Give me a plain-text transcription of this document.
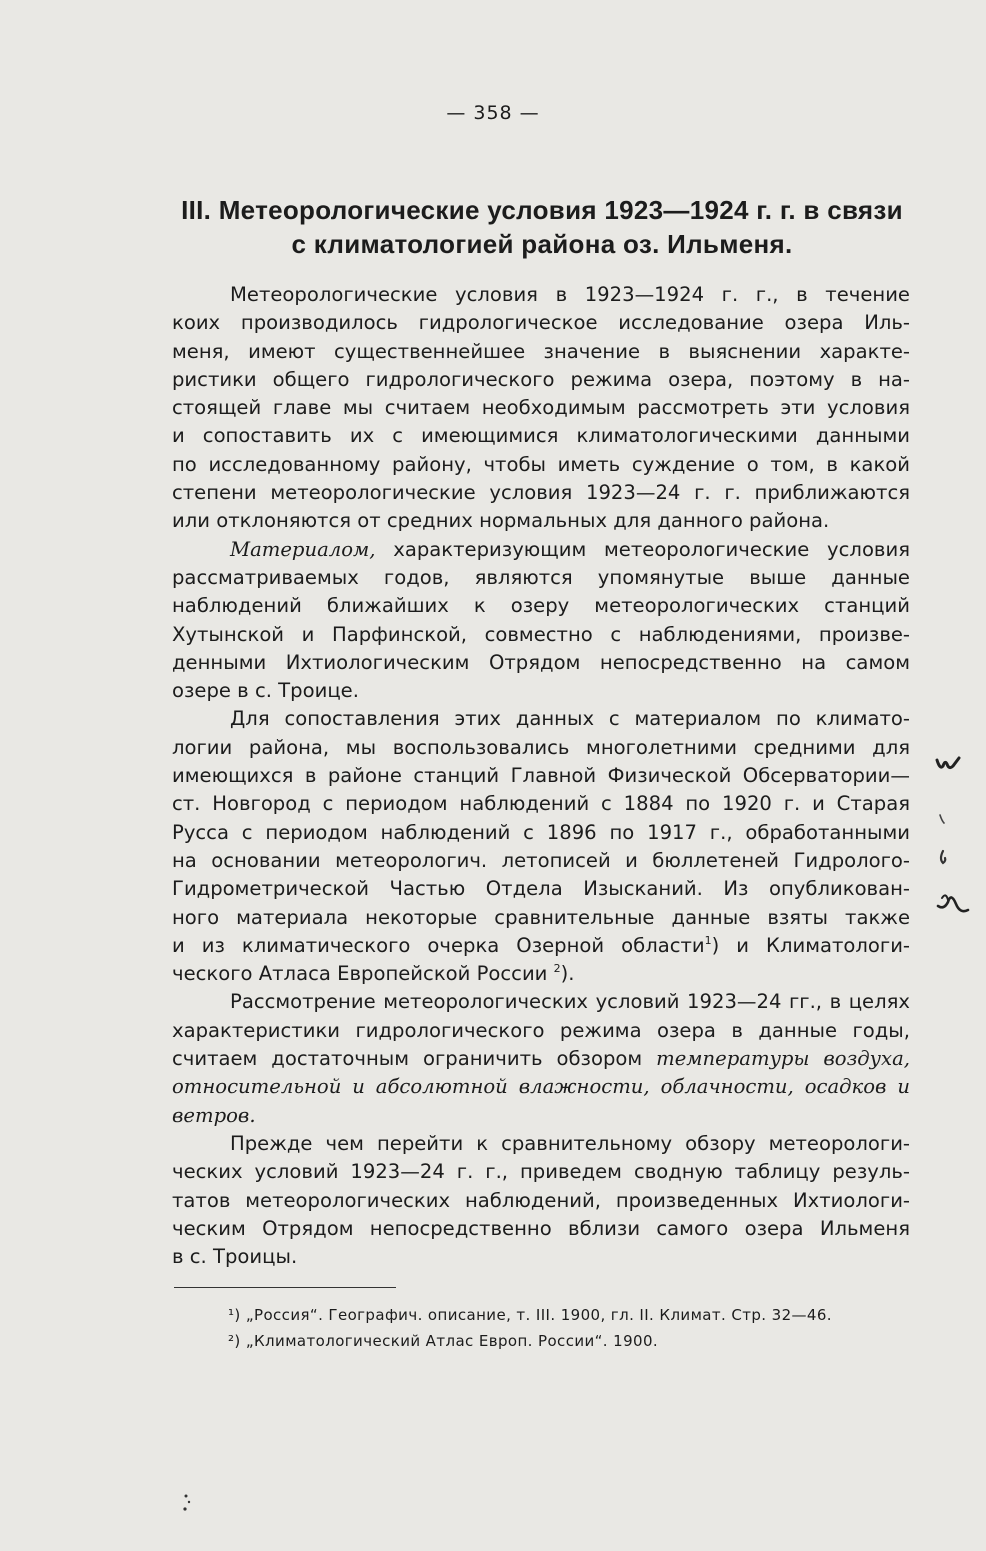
— 358 —
III. Метеорологические условия 1923—1924 г. г. в связи
с климатологией района оз. Ильменя.
Метеорологические условия в 1923—1924 г. г., в течение
коих производилось гидрологическое исследование озера Иль-
меня, имеют существеннейшее значение в выяснении характе-
ристики общего гидрологического режима озера, поэтому в на-
стоящей главе мы считаем необходимым рассмотреть эти условия
и сопоставить их с имеющимися климатологическими данными
по исследованному району, чтобы иметь суждение о том, в какой
степени метеорологические условия 1923—24 г. г. приближаются
или отклоняются от средних нормальных для данного района.
Материалом, характеризующим метеорологические условия
рассматриваемых годов, являются упомянутые выше данные
наблюдений ближайших к озеру метеорологических станций
Хутынской и Парфинской, совместно с наблюдениями, произве-
денными Ихтиологическим Отрядом непосредственно на самом
озере в с. Троице.
Для сопоставления этих данных с материалом по климато-
логии района, мы воспользовались многолетними средними для
имеющихся в районе станций Главной Физической Обсерватории—
ст. Новгород с периодом наблюдений с 1884 по 1920 г. и Старая
Русса с периодом наблюдений с 1896 по 1917 г., обработанными
на основании метеорологич. летописей и бюллетеней Гидролого-
Гидрометрической Частью Отдела Изысканий. Из опубликован-
ного материала некоторые сравнительные данные взяты также
и из климатического очерка Озерной области$^1$) и Климатологи-
ческого Атласа Европейской России $^2$).
Рассмотрение метеорологических условий 1923—24 гг., в целях
характеристики гидрологического режима озера в данные годы,
считаем достаточным ограничить обзором температуры воздуха,
относительной и абсолютной влажности, облачности, осадков и
ветров.
Прежде чем перейти к сравнительному обзору метеорологи-
ческих условий 1923—24 г. г., приведем сводную таблицу резуль-
татов метеорологических наблюдений, произведенных Ихтиологи-
ческим Отрядом непосредственно вблизи самого озера Ильменя
в с. Троицы.
¹) „Россия“. Географич. описание, т. III. 1900, гл. II. Климат. Стр. 32—46.
²) „Климатологический Атлас Европ. России“. 1900.
